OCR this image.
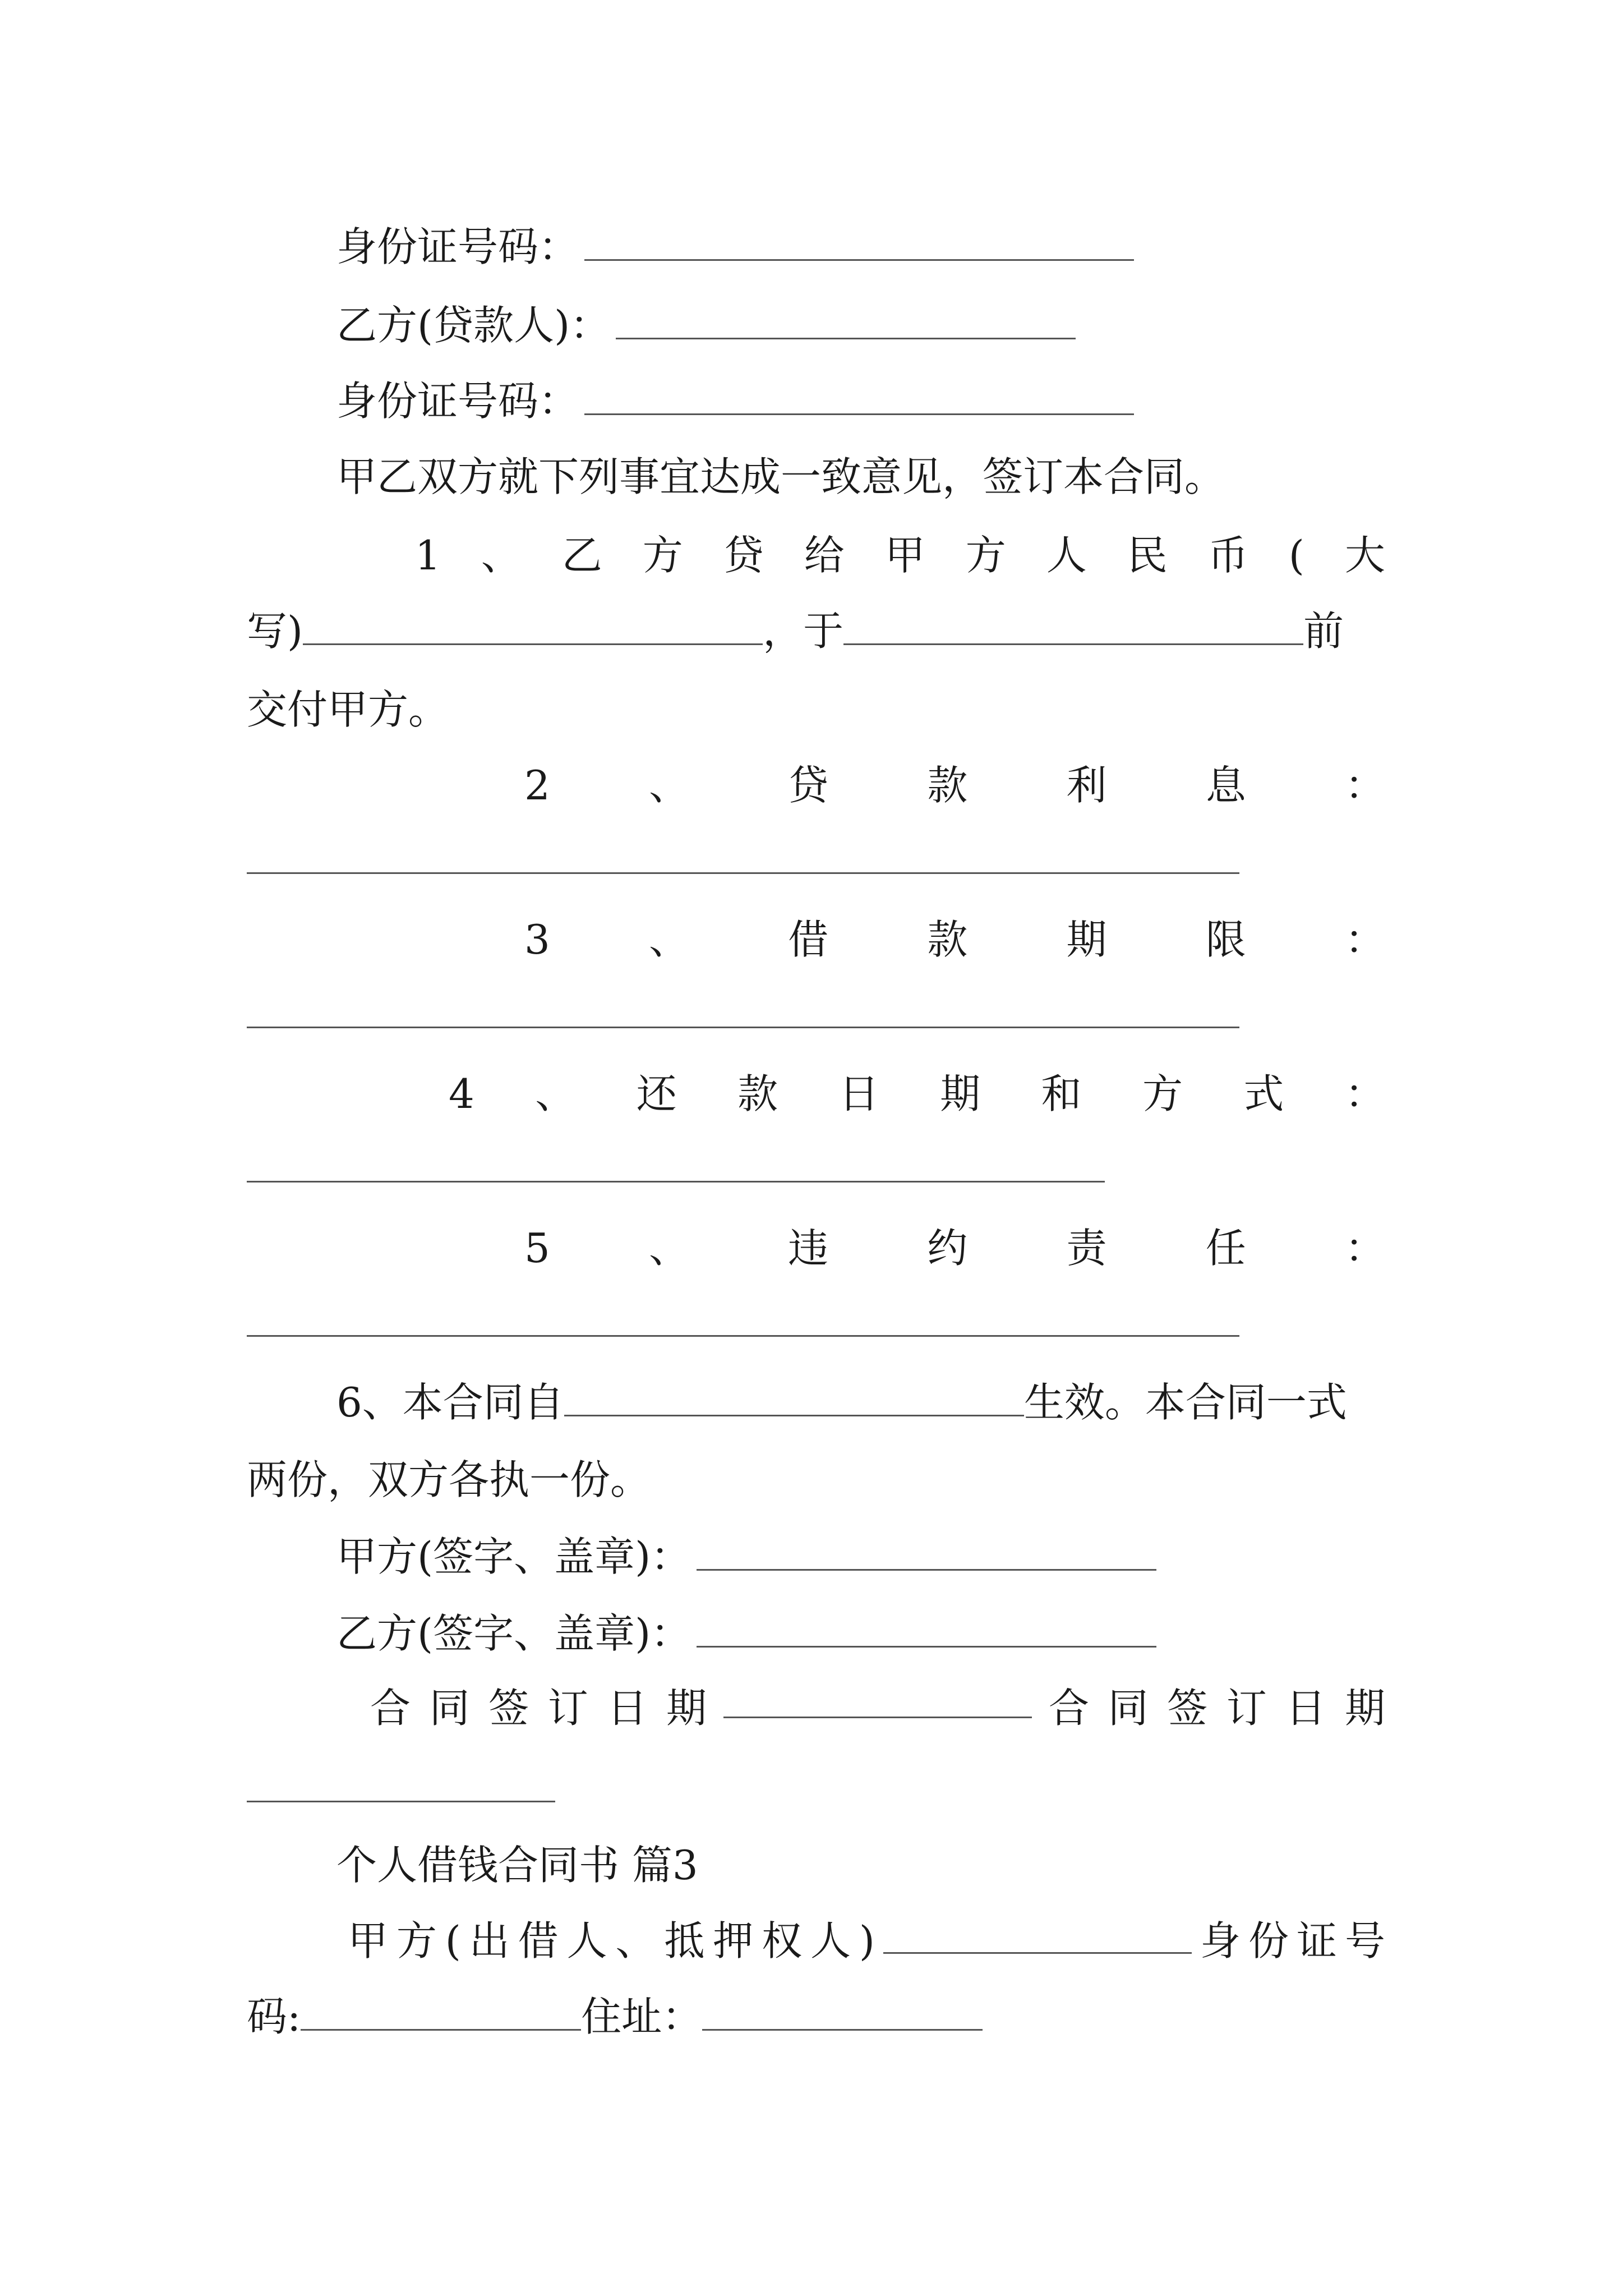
身份证号码：
乙方(贷款人)：
身份证号码：
甲乙双方就下列事宜达成一致意见，签订本合同。
1 、 乙 方 贷 给 甲 方 人 民 币 ( 大
写)	，于	前
交付甲方。
2 、 贷 款 利 息 ：
3 、 借 款 期 限 ：
4 、 还 款 日 期 和 方 式 ：
5 、 违 约 责 任 ：
6、本合同自	生效。本合同一式
两份，双方各执一份。
甲方(签字、盖章)：
乙方(签字、盖章)：
合 同 签 订 日 期	合 同 签 订 日 期
个人借钱合同书 篇3
甲 方 ( 出 借 人 、 抵 押 权 人 )	身 份 证 号
码:	住址：
